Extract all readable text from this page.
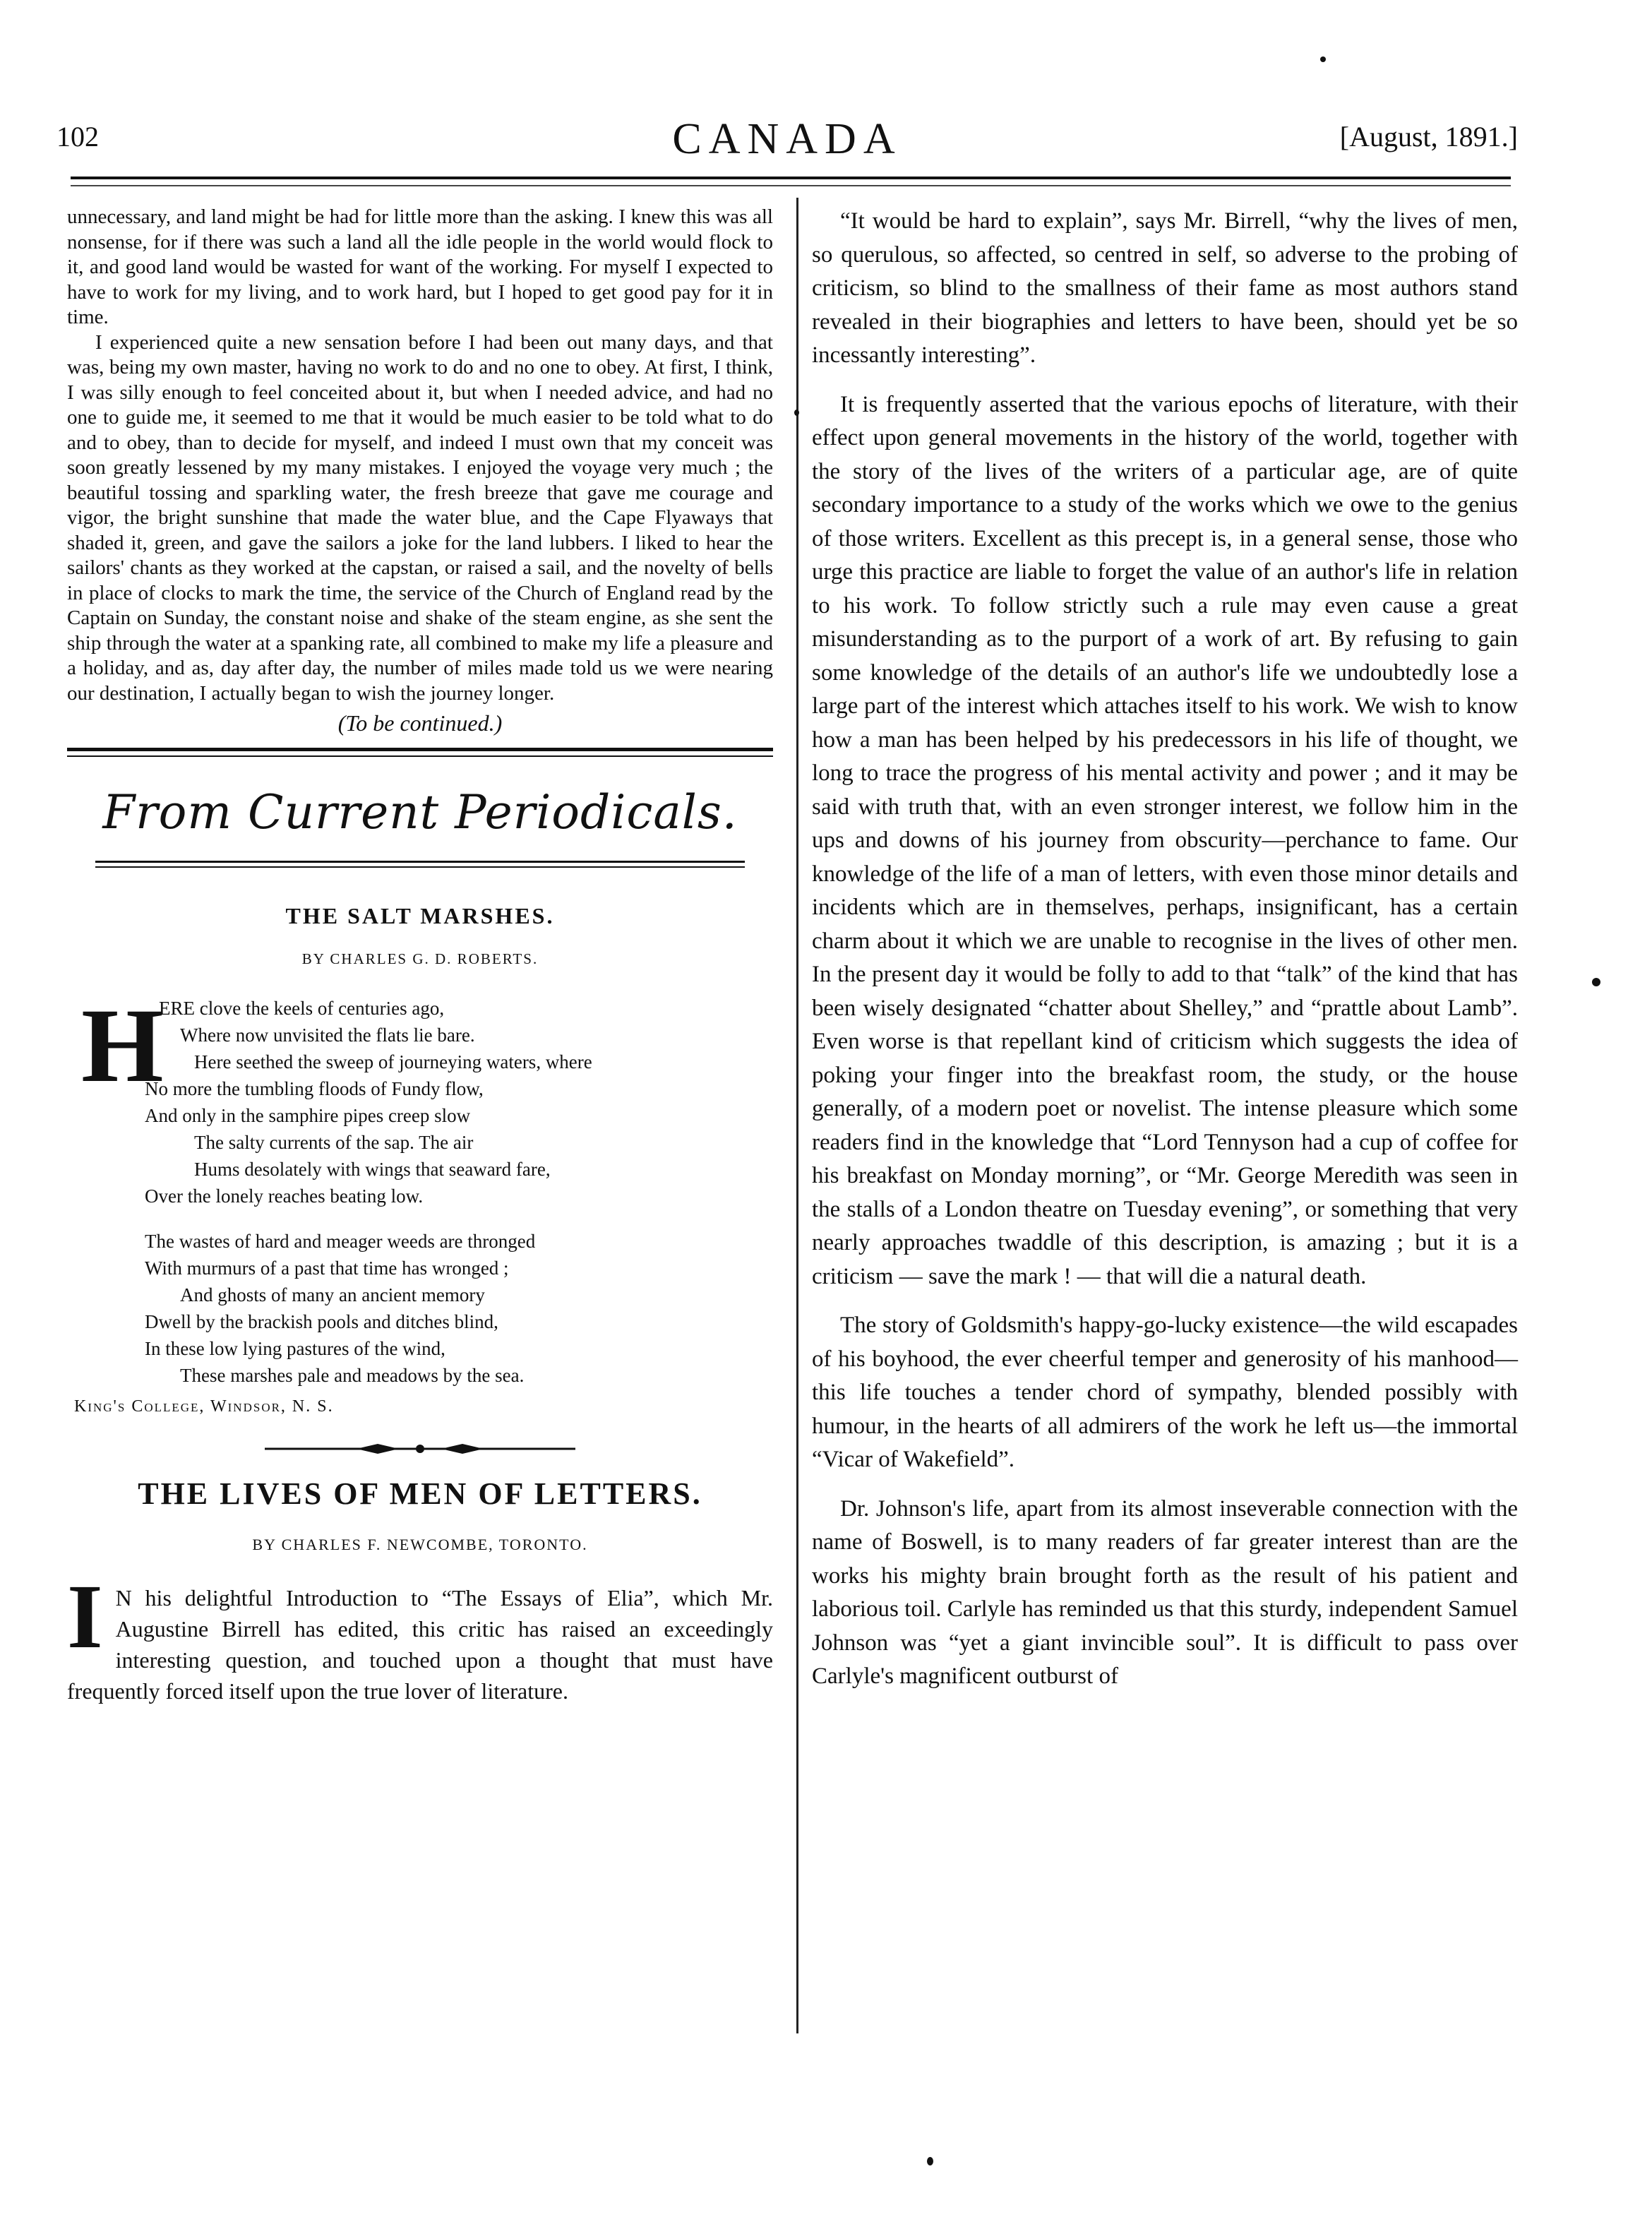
102	CANADA	[August, 1891.]

unnecessary, and land might be had for little more than the asking. I knew this was all nonsense, for if there was such a land all the idle people in the world would flock to it, and good land would be wasted for want of the working. For myself I expected to have to work for my living, and to work hard, but I hoped to get good pay for it in time.

I experienced quite a new sensation before I had been out many days, and that was, being my own master, having no work to do and no one to obey. At first, I think, I was silly enough to feel conceited about it, but when I needed advice, and had no one to guide me, it seemed to me that it would be much easier to be told what to do and to obey, than to decide for myself, and indeed I must own that my conceit was soon greatly lessened by my many mistakes. I enjoyed the voyage very much ; the beautiful tossing and sparkling water, the fresh breeze that gave me courage and vigor, the bright sunshine that made the water blue, and the Cape Flyaways that shaded it, green, and gave the sailors a joke for the land lubbers. I liked to hear the sailors' chants as they worked at the capstan, or raised a sail, and the novelty of bells in place of clocks to mark the time, the service of the Church of England read by the Captain on Sunday, the constant noise and shake of the steam engine, as she sent the ship through the water at a spanking rate, all combined to make my life a pleasure and a holiday, and as, day after day, the number of miles made told us we were nearing our destination, I actually began to wish the journey longer.

(To be continued.)

From Current Periodicals.
THE SALT MARSHES.
BY CHARLES G. D. ROBERTS.
H
ERE clove the keels of centuries ago,
Where now unvisited the flats lie bare.
Here seethed the sweep of journeying waters, where
No more the tumbling floods of Fundy flow,
And only in the samphire pipes creep slow
The salty currents of the sap. The air
Hums desolately with wings that seaward fare,
Over the lonely reaches beating low.
The wastes of hard and meager weeds are thronged
With murmurs of a past that time has wronged ;
And ghosts of many an ancient memory
Dwell by the brackish pools and ditches blind,
In these low lying pastures of the wind,
These marshes pale and meadows by the sea.
King's College, Windsor, N. S.
THE LIVES OF MEN OF LETTERS.
BY CHARLES F. NEWCOMBE, TORONTO.
I N his delightful Introduction to “The Essays of Elia”, which Mr. Augustine Birrell has edited, this critic has raised an exceedingly interesting question, and touched upon a thought that must have frequently forced itself upon the true lover of literature.

“It would be hard to explain”, says Mr. Birrell, “why the lives of men, so querulous, so affected, so centred in self, so adverse to the probing of criticism, so blind to the smallness of their fame as most authors stand revealed in their biographies and letters to have been, should yet be so incessantly interesting”.

It is frequently asserted that the various epochs of literature, with their effect upon general movements in the history of the world, together with the story of the lives of the writers of a particular age, are of quite secondary importance to a study of the works which we owe to the genius of those writers. Excellent as this precept is, in a general sense, those who urge this practice are liable to forget the value of an author's life in relation to his work. To follow strictly such a rule may even cause a great misunderstanding as to the purport of a work of art. By refusing to gain some knowledge of the details of an author's life we undoubtedly lose a large part of the interest which attaches itself to his work. We wish to know how a man has been helped by his predecessors in his life of thought, we long to trace the progress of his mental activity and power ; and it may be said with truth that, with an even stronger interest, we follow him in the ups and downs of his journey from obscurity—perchance to fame. Our knowledge of the life of a man of letters, with even those minor details and incidents which are in themselves, perhaps, insignificant, has a certain charm about it which we are unable to recognise in the lives of other men. In the present day it would be folly to add to that “talk” of the kind that has been wisely designated “chatter about Shelley,” and “prattle about Lamb”. Even worse is that repellant kind of criticism which suggests the idea of poking your finger into the breakfast room, the study, or the house generally, of a modern poet or novelist. The intense pleasure which some readers find in the knowledge that “Lord Tennyson had a cup of coffee for his breakfast on Monday morning”, or “Mr. George Meredith was seen in the stalls of a London theatre on Tuesday evening”, or something that very nearly approaches twaddle of this description, is amazing ; but it is a criticism — save the mark ! — that will die a natural death.

The story of Goldsmith's happy-go-lucky existence—the wild escapades of his boyhood, the ever cheerful temper and generosity of his manhood—this life touches a tender chord of sympathy, blended possibly with humour, in the hearts of all admirers of the work he left us—the immortal “Vicar of Wakefield”.

Dr. Johnson's life, apart from its almost inseverable connection with the name of Boswell, is to many readers of far greater interest than are the works his mighty brain brought forth as the result of his patient and laborious toil. Carlyle has reminded us that this sturdy, independent Samuel Johnson was “yet a giant invincible soul”. It is difficult to pass over Carlyle's magnificent outburst of
